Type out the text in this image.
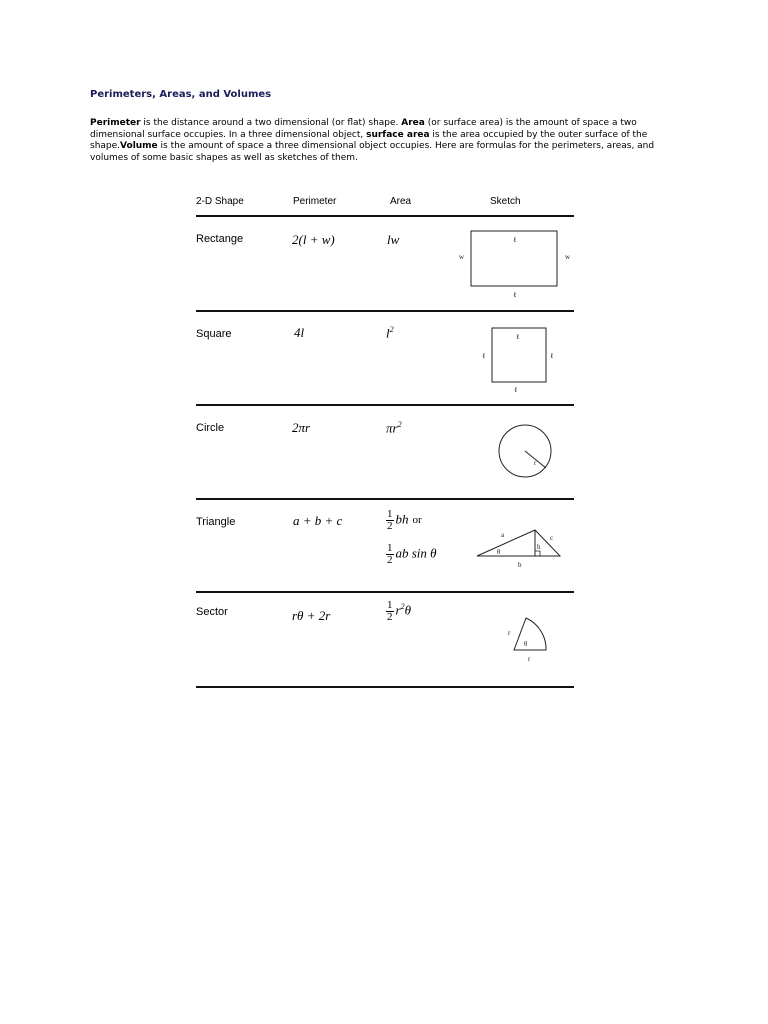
Perimeters, Areas, and Volumes

Perimeter is the distance around a two dimensional (or flat) shape. Area (or surface area) is the amount of space a two dimensional surface occupies. In a three dimensional object, surface area is the area occupied by the outer surface of the shape.Volume is the amount of space a three dimensional object occupies. Here are formulas for the perimeters, areas, and volumes of some basic shapes as well as sketches of them.

2-D Shape	Perimeter	Area	Sketch
Rectange	2(l + w)	lw	ℓ
w	w
ℓ
Square	4l	$l^2$
ℓ
ℓ	ℓ
ℓ
Circle	2πr	$\pi r^2$
r
Triangle	a + b + c	$\frac{1}{2}$ bh or
$\frac{1}{2}$ ab sin θ
a	c
h
θ
b
Sector	rθ + 2r	$\frac{1}{2} r^2\theta$
r
θ
r
